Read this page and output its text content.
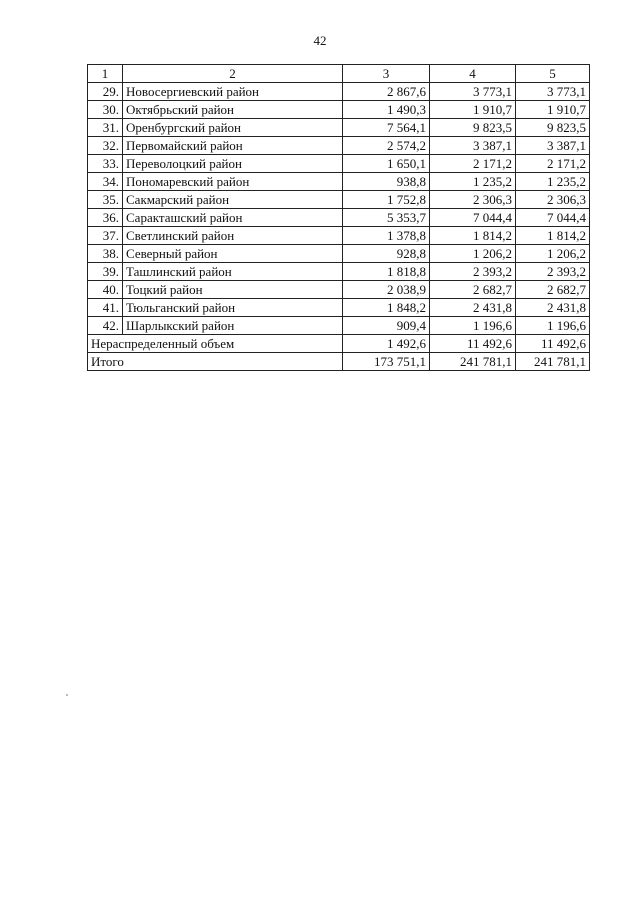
42
1	2	3	4	5
29.	Новосергиевский район	2 867,6	3 773,1	3 773,1
30.	Октябрьский район	1 490,3	1 910,7	1 910,7
31.	Оренбургский район	7 564,1	9 823,5	9 823,5
32.	Первомайский район	2 574,2	3 387,1	3 387,1
33.	Переволоцкий район	1 650,1	2 171,2	2 171,2
34.	Пономаревский район	938,8	1 235,2	1 235,2
35.	Сакмарский район	1 752,8	2 306,3	2 306,3
36.	Саракташский район	5 353,7	7 044,4	7 044,4
37.	Светлинский район	1 378,8	1 814,2	1 814,2
38.	Северный район	928,8	1 206,2	1 206,2
39.	Ташлинский район	1 818,8	2 393,2	2 393,2
40.	Тоцкий район	2 038,9	2 682,7	2 682,7
41.	Тюльганский район	1 848,2	2 431,8	2 431,8
42.	Шарлыкский район	909,4	1 196,6	1 196,6
Нераспределенный объем		1 492,6	11 492,6	11 492,6
Итого		173 751,1	241 781,1	241 781,1
